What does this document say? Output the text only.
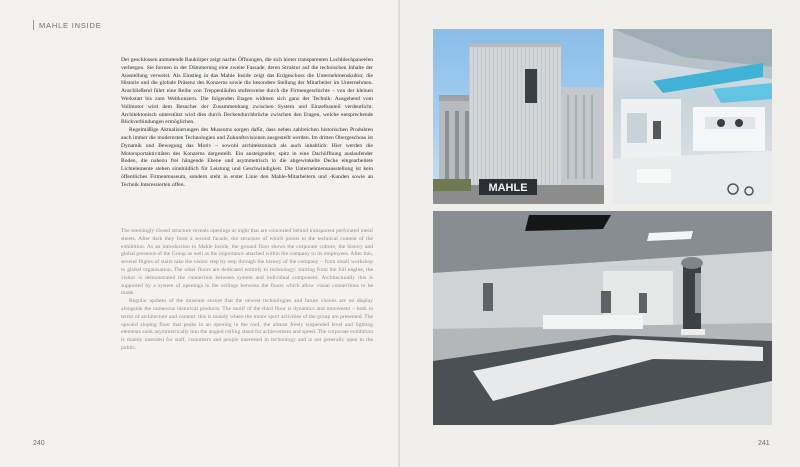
MAHLE INSIDE

Der geschlossen anmutende Baukörper zeigt nachts Öffnungen, die sich hinter transparenten Lochblechpaneelen verbergen. Sie formen in der Dämmerung eine zweite Fassade, deren Struktur auf die technischen Inhalte der Ausstellung verweist. Als Einstieg in das Mahle Inside zeigt das Erdgeschoss die Unternehmenskultur, die Historie und die globale Präsenz des Konzerns sowie die besondere Stellung der Mitarbeiter im Unternehmen. Anschließend führt eine Reihe von Treppenläufen stufenweise durch die Firmengeschichte – von der kleinen Werkstatt bis zum Weltkonzern. Die folgenden Etagen widmen sich ganz der Technik: Ausgehend vom Vollmotor wird dem Besucher der Zusammenhang zwischen System und Einzelbauteil verdeutlicht. Architektonisch unterstützt wird dies durch Deckendurchbrüche zwischen den Etagen, welche entsprechende Blickverbindungen ermöglichen.

Regelmäßige Aktualisierungen des Museums sorgen dafür, dass neben zahlreichen historischen Produkten auch immer die modernsten Technologien und Zukunftsvisionen ausgestellt werden. Im dritten Obergeschoss ist Dynamik und Bewegung das Motiv – sowohl architektonisch als auch inhaltlich: Hier werden die Motorsportaktivitäten des Konzerns dargestellt. Ein ansteigender, spitz in eine Dachöffnung auslaufender Boden, die nahezu frei hängende Ebene und asymmetrisch in die abgewinkelte Decke eingearbeitete Lichtelemente stehen sinnbildlich für Leistung und Geschwindigkeit. Die Unternehmensausstellung ist kein öffentliches Firmenmuseum, sondern steht in erster Linie den Mahle-Mitarbeitern und -Kunden sowie an Technik Interessierten offen.

The seemingly closed structure reveals openings at night that are concealed behind transparent perforated metal sheets. After dark they form a second facade, the structure of which points to the technical content of the exhibition. As an introduction to Mahle Inside, the ground floor shows the corporate culture, the history and global presence of the Group as well as the importance attached within the company to its employees. After this, several flights of stairs take the visitor step by step through the history of the company – from small workshop to global organisation. The other floors are dedicated entirely to technology: starting from the full engine, the visitor is demonstrated the connection between system and individual component. Architecturally this is supported by a system of openings in the ceilings between the floors which allow visual connections to be made.

Regular updates of the museum ensure that the newest technologies and future visions are on display alongside the numerous historical products. The motif of the third floor is dynamics and movement – both in terms of architecture and content: this is mainly where the motor sport activities of the group are presented. The upward sloping floor that peaks in an opening in the roof, the almost freely suspended level and lighting elements sunk asymmetrically into the angled ceiling stand for achievement and speed. The corporate exhibition is mainly intended for staff, customers and people interested in technology and is not generally open to the public.

240	241
MAHLE
